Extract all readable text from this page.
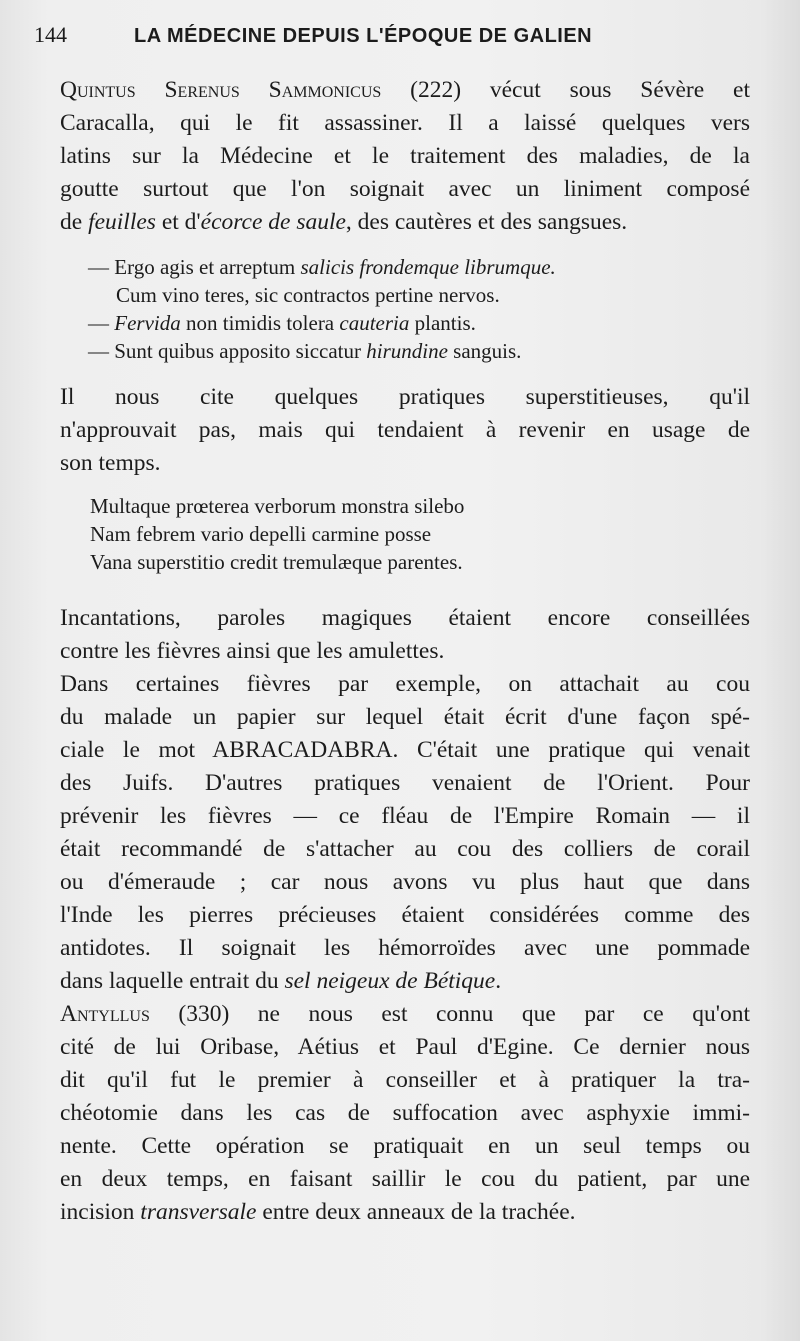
144	LA MÉDECINE DEPUIS L'ÉPOQUE DE GALIEN

Quintus Serenus Sammonicus (222) vécut sous Sévère et
Caracalla, qui le fit assassiner. Il a laissé quelques vers
latins sur la Médecine et le traitement des maladies, de la
goutte surtout que l'on soignait avec un liniment composé
de feuilles et d'écorce de saule, des cautères et des sangsues.

— Ergo agis et arreptum salicis frondemque librumque.
Cum vino teres, sic contractos pertine nervos.
— Fervida non timidis tolera cauteria plantis.
— Sunt quibus apposito siccatur hirundine sanguis.

Il nous cite quelques pratiques superstitieuses, qu'il
n'approuvait pas, mais qui tendaient à revenir en usage de
son temps.

Multaque prœterea verborum monstra silebo
Nam febrem vario depelli carmine posse
Vana superstitio credit tremulæque parentes.

Incantations, paroles magiques étaient encore conseillées
contre les fièvres ainsi que les amulettes.

Dans certaines fièvres par exemple, on attachait au cou
du malade un papier sur lequel était écrit d'une façon spé-
ciale le mot ABRACADABRA. C'était une pratique qui venait
des Juifs. D'autres pratiques venaient de l'Orient. Pour
prévenir les fièvres — ce fléau de l'Empire Romain — il
était recommandé de s'attacher au cou des colliers de corail
ou d'émeraude ; car nous avons vu plus haut que dans
l'Inde les pierres précieuses étaient considérées comme des
antidotes. Il soignait les hémorroïdes avec une pommade
dans laquelle entrait du sel neigeux de Bétique.

Antyllus (330) ne nous est connu que par ce qu'ont
cité de lui Oribase, Aétius et Paul d'Egine. Ce dernier nous
dit qu'il fut le premier à conseiller et à pratiquer la tra-
chéotomie dans les cas de suffocation avec asphyxie immi-
nente. Cette opération se pratiquait en un seul temps ou
en deux temps, en faisant saillir le cou du patient, par une
incision transversale entre deux anneaux de la trachée.
